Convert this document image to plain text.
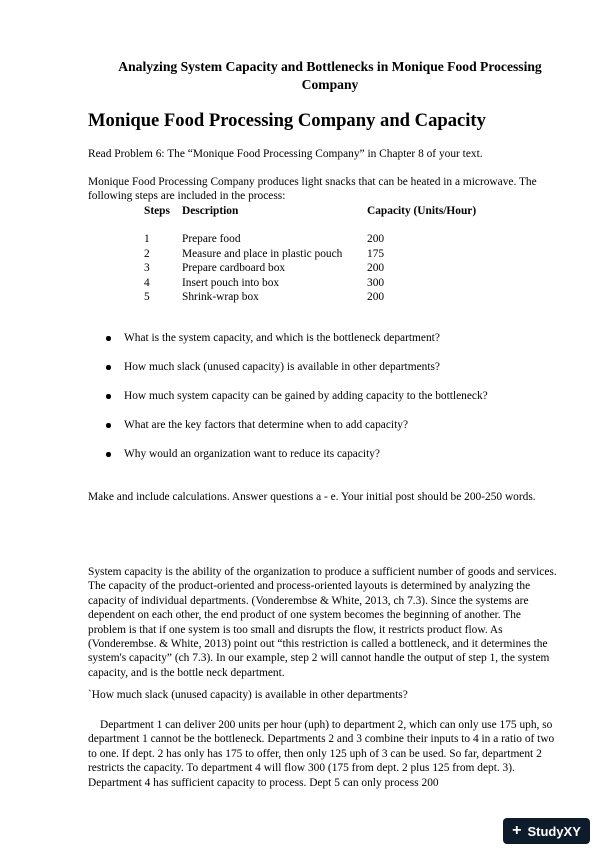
Analyzing System Capacity and Bottlenecks in Monique Food Processing Company
Monique Food Processing Company and Capacity
Read Problem 6: The “Monique Food Processing Company” in Chapter 8 of your text.
Monique Food Processing Company produces light snacks that can be heated in a microwave. The following steps are included in the process:
Steps	Description	Capacity (Units/Hour)

1	Prepare food	200
2	Measure and place in plastic pouch	175
3	Prepare cardboard box	200
4	Insert pouch into box	300
5	Shrink-wrap box	200
What is the system capacity, and which is the bottleneck department?
How much slack (unused capacity) is available in other departments?
How much system capacity can be gained by adding capacity to the bottleneck?
What are the key factors that determine when to add capacity?
Why would an organization want to reduce its capacity?
Make and include calculations. Answer questions a - e. Your initial post should be 200-250 words.
System capacity is the ability of the organization to produce a sufficient number of goods and services. The capacity of the product-oriented and process-oriented layouts is determined by analyzing the capacity of individual departments. (Vonderembse & White, 2013, ch 7.3). Since the systems are dependent on each other, the end product of one system becomes the beginning of another. The problem is that if one system is too small and disrupts the flow, it restricts product flow. As (Vonderembse. & White, 2013) point out “this restriction is called a bottleneck, and it determines the system's capacity” (ch 7.3). In our example, step 2 will cannot handle the output of step 1, the system capacity, and is the bottle neck department.
`How much slack (unused capacity) is available in other departments?
Department 1 can deliver 200 units per hour (uph) to department 2, which can only use 175 uph, so department 1 cannot be the bottleneck. Departments 2 and 3 combine their inputs to 4 in a ratio of two to one. If dept. 2 has only has 175 to offer, then only 125 uph of 3 can be used. So far, department 2 restricts the capacity. To department 4 will flow 300 (175 from dept. 2 plus 125 from dept. 3). Department 4 has sufficient capacity to process. Dept 5 can only process 200
+ StudyXY
